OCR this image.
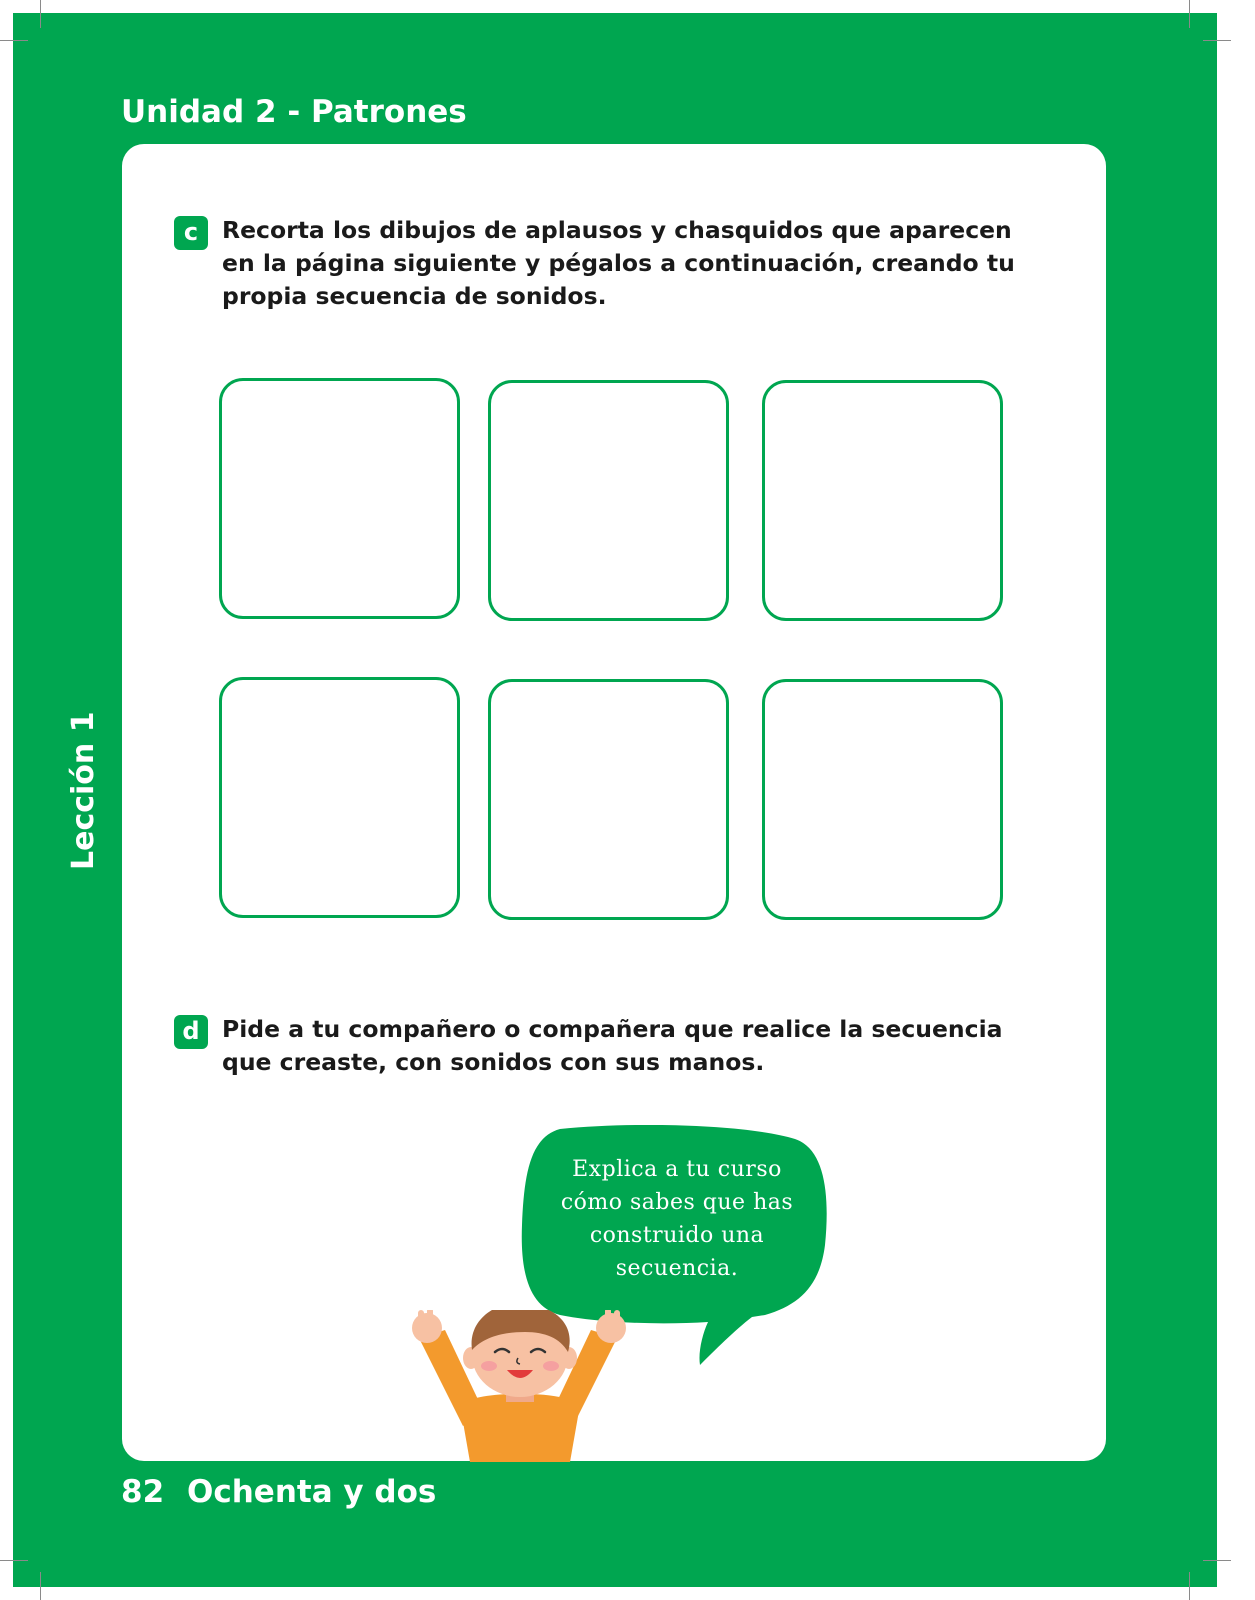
Unidad 2 - Patrones
Lección 1
c	Recorta los dibujos de aplausos y chasquidos que aparecen en la página siguiente y pégalos a continuación, creando tu propia secuencia de sonidos.

d Pide a tu compañero o compañera que realice la secuencia que creaste, con sonidos con sus manos.

Explica a tu curso cómo sabes que has construido una secuencia.

82 Ochenta y dos
